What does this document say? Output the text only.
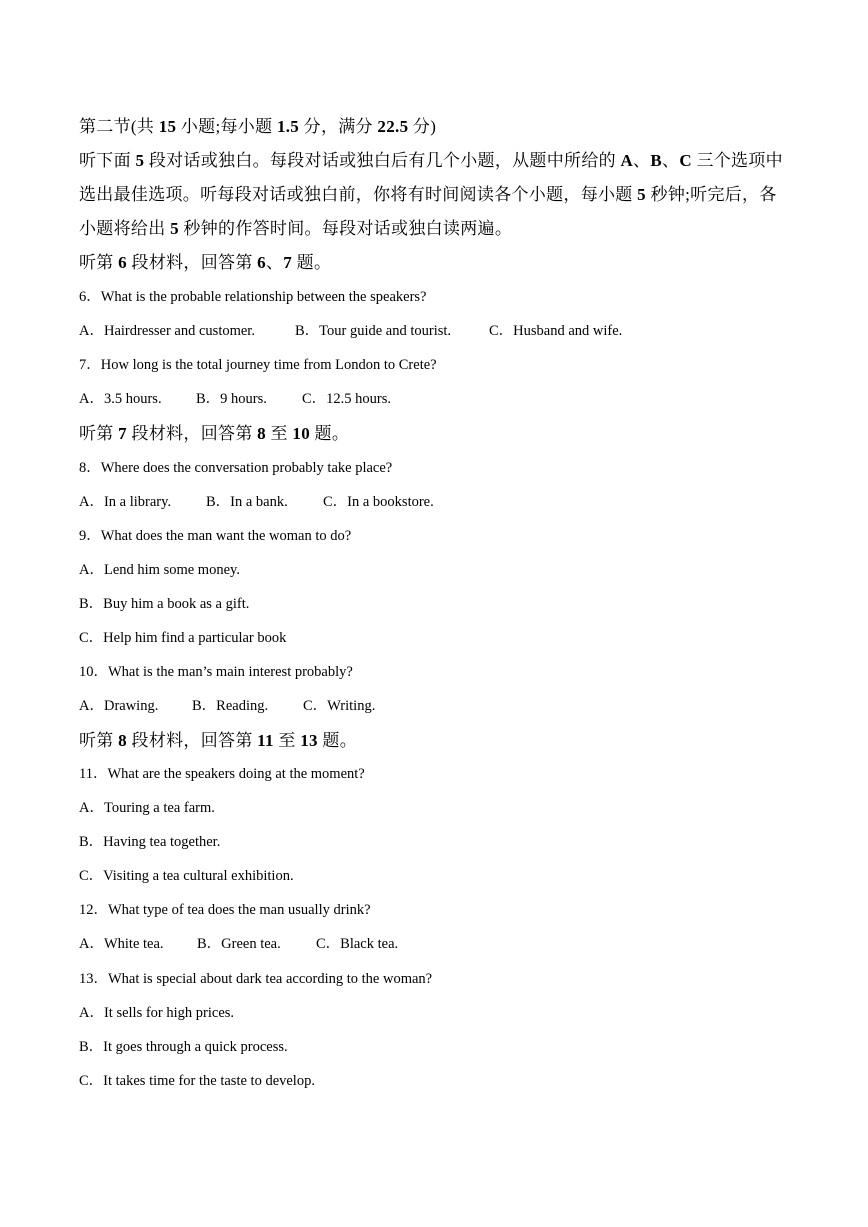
第二节(共 15 小题;每小题 1.5 分，满分 22.5 分)
听下面 5 段对话或独白。每段对话或独白后有几个小题，从题中所给的 A、B、C 三个选项中
选出最佳选项。听每段对话或独白前，你将有时间阅读各个小题，每小题 5 秒钟;听完后，各
小题将给出 5 秒钟的作答时间。每段对话或独白读两遍。
听第 6 段材料，回答第 6、7 题。
6．What is the probable relationship between the speakers?
A．Hairdresser and customer.	B．Tour guide and tourist.	C．Husband and wife.
7．How long is the total journey time from London to Crete?
A．3.5 hours. B．9 hours. C．12.5 hours.
听第 7 段材料，回答第 8 至 10 题。
8．Where does the conversation probably take place?
A．In a library. B．In a bank. C．In a bookstore.
9．What does the man want the woman to do?
A．Lend him some money.
B．Buy him a book as a gift.
C．Help him find a particular book
10．What is the man’s main interest probably?
A．Drawing. B．Reading. C．Writing.
听第 8 段材料，回答第 11 至 13 题。
11．What are the speakers doing at the moment?
A．Touring a tea farm.
B．Having tea together.
C．Visiting a tea cultural exhibition.
12．What type of tea does the man usually drink?
A．White tea. B．Green tea. C．Black tea.
13．What is special about dark tea according to the woman?
A．It sells for high prices.
B．It goes through a quick process.
C．It takes time for the taste to develop.
